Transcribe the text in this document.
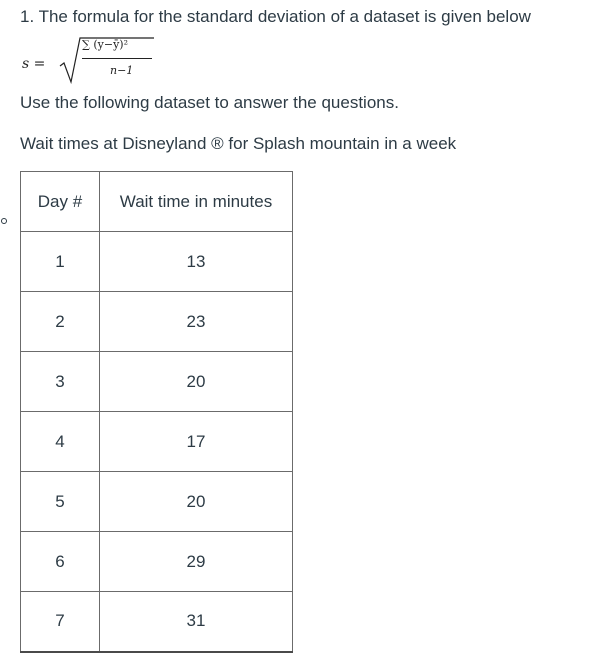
1. The formula for the standard deviation of a dataset is given below
s =
∑ (y−ȳ)²
n−1
Use the following dataset to answer the questions.
Wait times at Disneyland ® for Splash mountain in a week
Day #	Wait time in minutes
1	13
2	23
3	20
4	17
5	20
6	29
7	31
